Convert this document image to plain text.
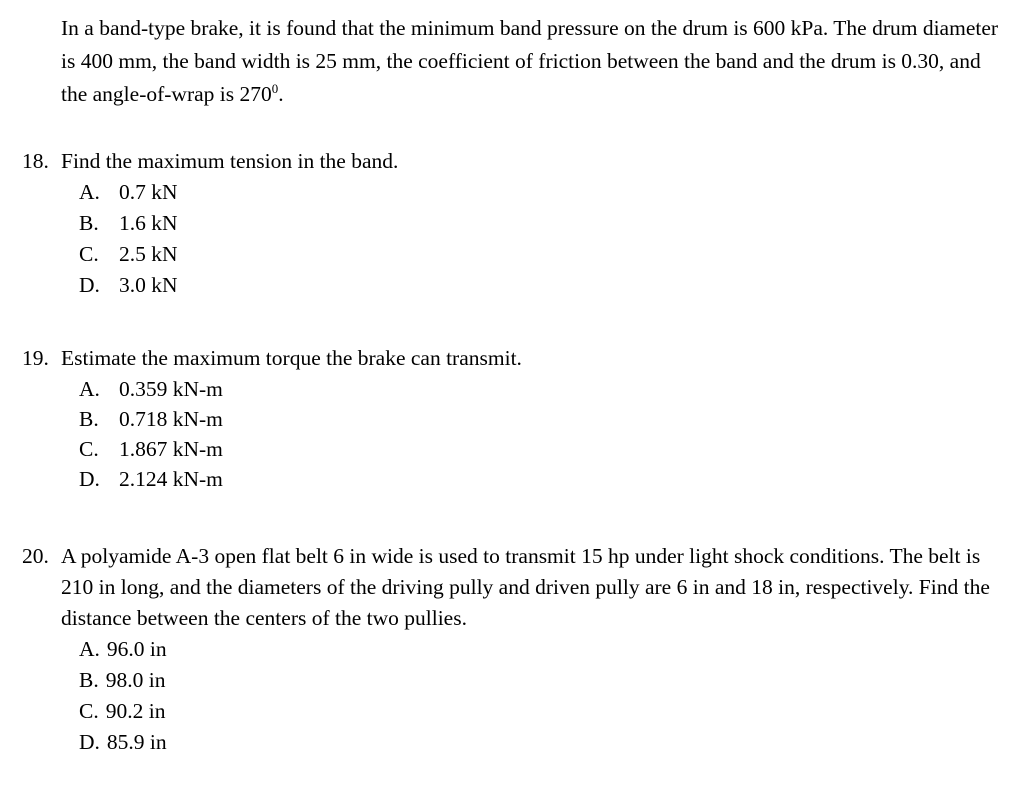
In a band-type brake, it is found that the minimum band pressure on the drum is 600 kPa. The drum diameter is 400 mm, the band width is 25 mm, the coefficient of friction between the band and the drum is 0.30, and the angle-of-wrap is $270^0$.

18. Find the maximum tension in the band.

A. 0.7 kN
B. 1.6 kN
C. 2.5 kN
D. 3.0 kN

19. Estimate the maximum torque the brake can transmit.

A. 0.359 kN-m
B. 0.718 kN-m
C. 1.867 kN-m
D. 2.124 kN-m

20. A polyamide A-3 open flat belt 6 in wide is used to transmit 15 hp under light shock conditions. The belt is 210 in long, and the diameters of the driving pully and driven pully are 6 in and 18 in, respectively. Find the distance between the centers of the two pullies.

A. 96.0 in
B. 98.0 in
C. 90.2 in
D. 85.9 in
